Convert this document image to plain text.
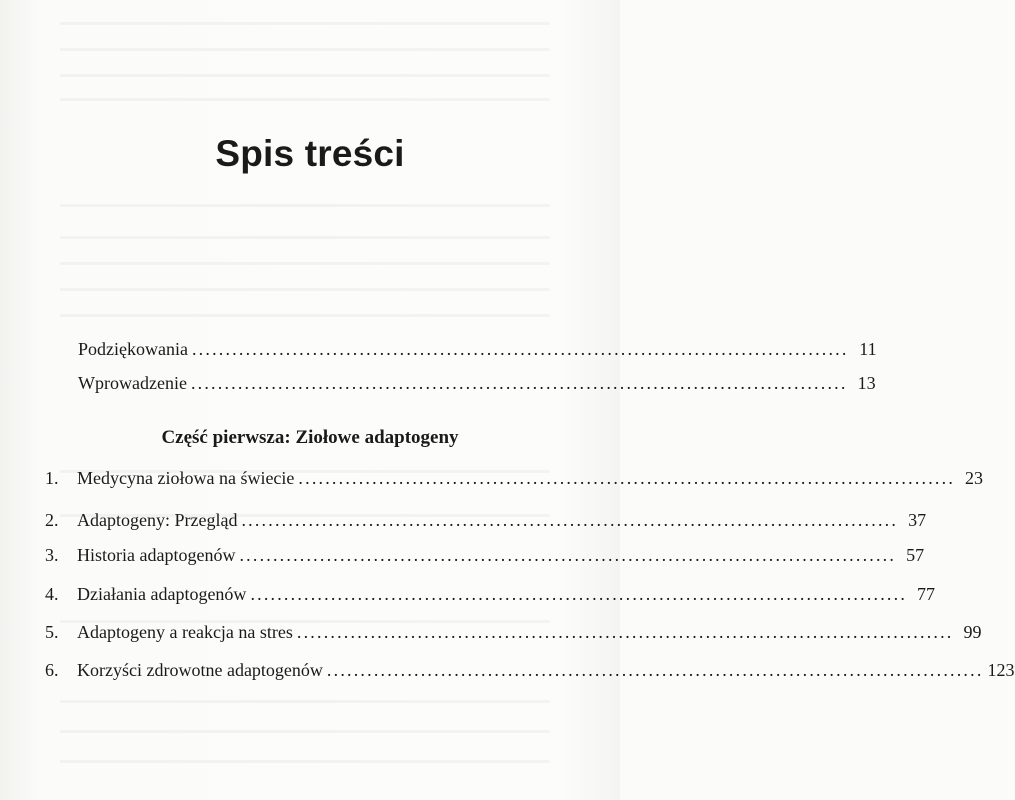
Spis treści
Podziękowania .................................................................................................. 11
Wprowadzenie .................................................................................................. 13
Część pierwsza: Ziołowe adaptogeny
1.	Medycyna ziołowa na świecie .................................................................................................. 23
2.	Adaptogeny: Przegląd .................................................................................................. 37
3.	Historia adaptogenów .................................................................................................. 57
4.	Działania adaptogenów .................................................................................................. 77
5.	Adaptogeny a reakcja na stres .................................................................................................. 99
6.	Korzyści zdrowotne adaptogenów .................................................................................................. 123
